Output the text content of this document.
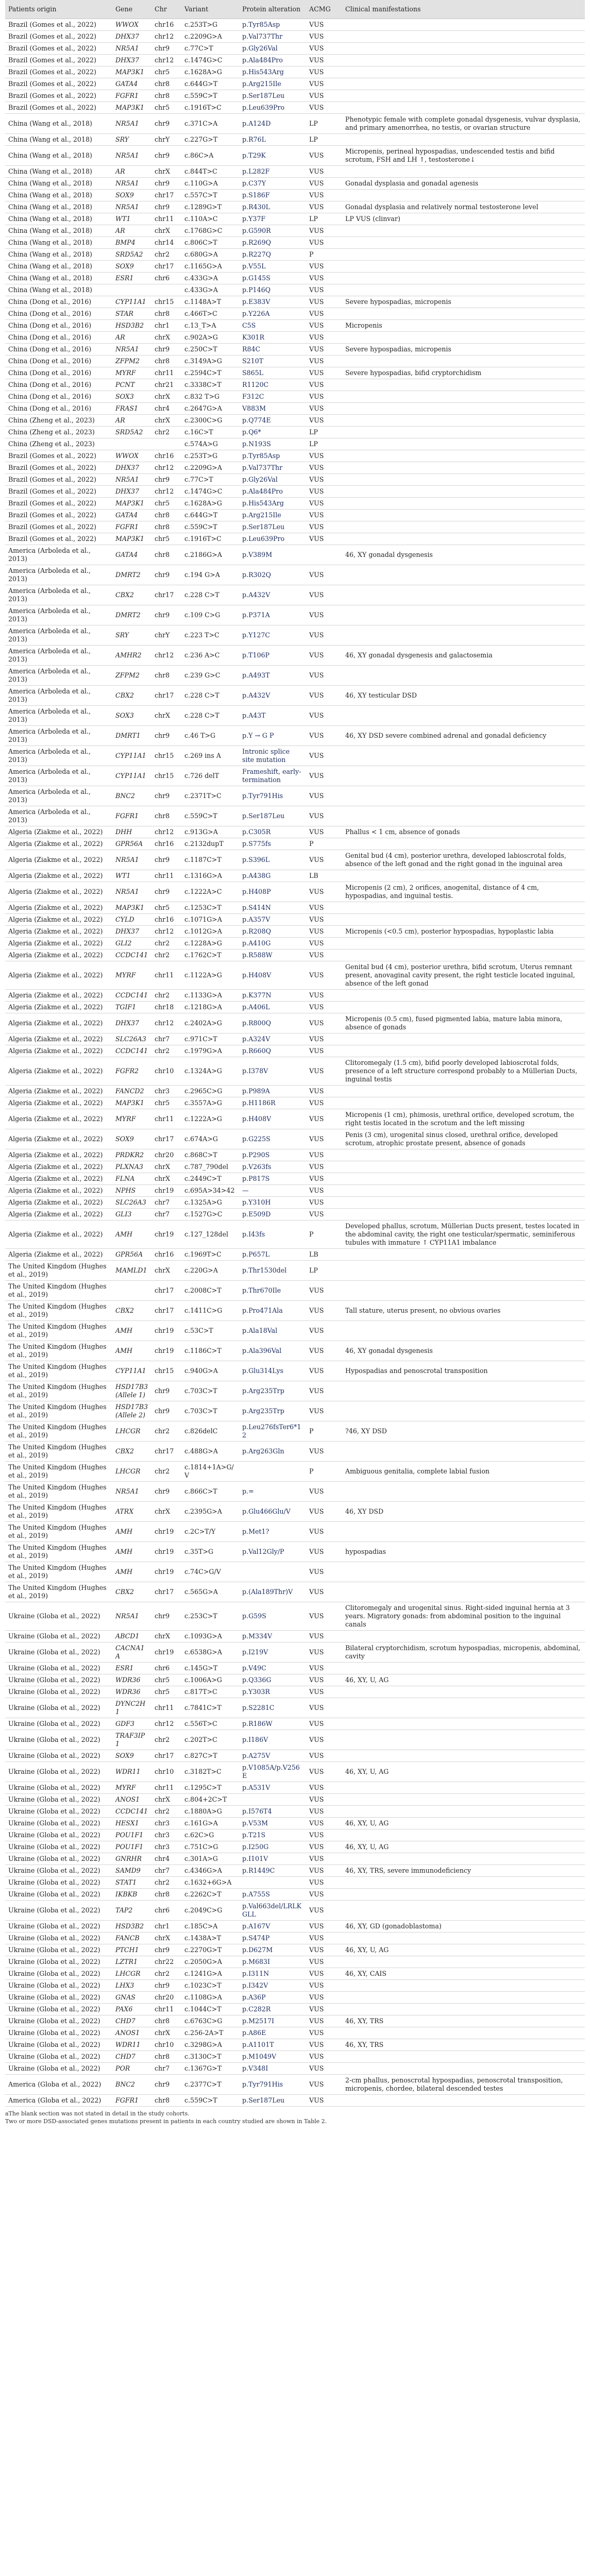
Patients origin	Gene	Chr	Variant	Protein alteration	ACMG	Clinical manifestations
Brazil (Gomes et al., 2022)	WWOX	chr16	c.253T>G	p.Tyr85Asp	VUS	
Brazil (Gomes et al., 2022)	DHX37	chr12	c.2209G>A	p.Val737Thr	VUS	
Brazil (Gomes et al., 2022)	NR5A1	chr9	c.77C>T	p.Gly26Val	VUS	
Brazil (Gomes et al., 2022)	DHX37	chr12	c.1474G>C	p.Ala484Pro	VUS	
Brazil (Gomes et al., 2022)	MAP3K1	chr5	c.1628A>G	p.His543Arg	VUS	
Brazil (Gomes et al., 2022)	GATA4	chr8	c.644G>T	p.Arg215Ile	VUS	
Brazil (Gomes et al., 2022)	FGFR1	chr8	c.559C>T	p.Ser187Leu	VUS	
Brazil (Gomes et al., 2022)	MAP3K1	chr5	c.1916T>C	p.Leu639Pro	VUS	
China (Wang et al., 2018)	NR5A1	chr9	c.371C>A	p.A124D	LP	Phenotypic female with complete gonadal dysgenesis, vulvar dysplasia, and primary amenorrhea, no testis, or ovarian structure
China (Wang et al., 2018)	SRY	chrY	c.227G>T	p.R76L	LP	
China (Wang et al., 2018)	NR5A1	chr9	c.86C>A	p.T29K	VUS	Micropenis, perineal hypospadias, undescended testis and bifid scrotum, FSH and LH ↑, testosterone↓
China (Wang et al., 2018)	AR	chrX	c.844T>C	p.L282F	VUS	
China (Wang et al., 2018)	NR5A1	chr9	c.110G>A	p.C37Y	VUS	Gonadal dysplasia and gonadal agenesis
China (Wang et al., 2018)	SOX9	chr17	c.557C>T	p.S186F	VUS	
China (Wang et al., 2018)	NR5A1	chr9	c.1289G>T	p.R430L	VUS	Gonadal dysplasia and relatively normal testosterone level
China (Wang et al., 2018)	WT1	chr11	c.110A>C	p.Y37F	LP	LP VUS (clinvar)
China (Wang et al., 2018)	AR	chrX	c.1768G>C	p.G590R	VUS	
China (Wang et al., 2018)	BMP4	chr14	c.806C>T	p.R269Q	VUS	
China (Wang et al., 2018)	SRD5A2	chr2	c.680G>A	p.R227Q	P	
China (Wang et al., 2018)	SOX9	chr17	c.1165G>A	p.V55L	VUS	
China (Wang et al., 2018)	ESR1	chr6	c.433G>A	p.G145S	VUS	
China (Wang et al., 2018)			c.433G>A	p.P146Q	VUS	
China (Dong et al., 2016)	CYP11A1	chr15	c.1148A>T	p.E383V	VUS	Severe hypospadias, micropenis
China (Dong et al., 2016)	STAR	chr8	c.466T>C	p.Y226A	VUS	
China (Dong et al., 2016)	HSD3B2	chr1	c.13_T>A	C5S	VUS	Micropenis
China (Dong et al., 2016)	AR	chrX	c.902A>G	K301R	VUS	
China (Dong et al., 2016)	NR5A1	chr9	c.250C>T	R84C	VUS	Severe hypospadias, micropenis
China (Dong et al., 2016)	ZFPM2	chr8	c.3149A>G	S210T	VUS	
China (Dong et al., 2016)	MYRF	chr11	c.2594C>T	S865L	VUS	Severe hypospadias, bifid cryptorchidism
China (Dong et al., 2016)	PCNT	chr21	c.3338C>T	R1120C	VUS	
China (Dong et al., 2016)	SOX3	chrX	c.832 T>G	F312C	VUS	
China (Dong et al., 2016)	FRAS1	chr4	c.2647G>A	V883M	VUS	
China (Zheng et al., 2023)	AR	chrX	c.2300C>G	p.Q774E	VUS	
China (Zheng et al., 2023)	SRD5A2	chr2	c.16C>T	p.Q6*	LP	
China (Zheng et al., 2023)			c.574A>G	p.N193S	LP	
Brazil (Gomes et al., 2022)	WWOX	chr16	c.253T>G	p.Tyr85Asp	VUS	
Brazil (Gomes et al., 2022)	DHX37	chr12	c.2209G>A	p.Val737Thr	VUS	
Brazil (Gomes et al., 2022)	NR5A1	chr9	c.77C>T	p.Gly26Val	VUS	
Brazil (Gomes et al., 2022)	DHX37	chr12	c.1474G>C	p.Ala484Pro	VUS	
Brazil (Gomes et al., 2022)	MAP3K1	chr5	c.1628A>G	p.His543Arg	VUS	
Brazil (Gomes et al., 2022)	GATA4	chr8	c.644G>T	p.Arg215Ile	VUS	
Brazil (Gomes et al., 2022)	FGFR1	chr8	c.559C>T	p.Ser187Leu	VUS	
Brazil (Gomes et al., 2022)	MAP3K1	chr5	c.1916T>C	p.Leu639Pro	VUS	
America (Arboleda et al., 2013)	GATA4	chr8	c.2186G>A	p.V389M		46, XY gonadal dysgenesis
America (Arboleda et al., 2013)	DMRT2	chr9	c.194 G>A	p.R302Q	VUS	
America (Arboleda et al., 2013)	CBX2	chr17	c.228 C>T	p.A432V	VUS	
America (Arboleda et al., 2013)	DMRT2	chr9	c.109 C>G	p.P371A	VUS	
America (Arboleda et al., 2013)	SRY	chrY	c.223 T>C	p.Y127C	VUS	
America (Arboleda et al., 2013)	AMHR2	chr12	c.236 A>C	p.T106P	VUS	46, XY gonadal dysgenesis and galactosemia
America (Arboleda et al., 2013)	ZFPM2	chr8	c.239 G>C	p.A493T	VUS	
America (Arboleda et al., 2013)	CBX2	chr17	c.228 C>T	p.A432V	VUS	46, XY testicular DSD
America (Arboleda et al., 2013)	SOX3	chrX	c.228 C>T	p.A43T	VUS	
America (Arboleda et al., 2013)	DMRT1	chr9	c.46 T>G	p.Y → G P	VUS	46, XY DSD severe combined adrenal and gonadal deficiency
America (Arboleda et al., 2013)	CYP11A1	chr15	c.269 ins A	Intronic splice site mutation	VUS	
America (Arboleda et al., 2013)	CYP11A1	chr15	c.726 delT	Frameshift, early-termination	VUS	
America (Arboleda et al., 2013)	BNC2	chr9	c.2371T>C	p.Tyr791His	VUS	
America (Arboleda et al., 2013)	FGFR1	chr8	c.559C>T	p.Ser187Leu	VUS	
Algeria (Ziakme et al., 2022)	DHH	chr12	c.913G>A	p.C305R	VUS	Phallus < 1 cm, absence of gonads
Algeria (Ziakme et al., 2022)	GPR56A	chr16	c.2132dupT	p.S775fs	P	
Algeria (Ziakme et al., 2022)	NR5A1	chr9	c.1187C>T	p.S396L	VUS	Genital bud (4 cm), posterior urethra, developed labioscrotal folds, absence of the left gonad and the right gonad in the inguinal area
Algeria (Ziakme et al., 2022)	WT1	chr11	c.1316G>A	p.A438G	LB	
Algeria (Ziakme et al., 2022)	NR5A1	chr9	c.1222A>C	p.H408P	VUS	Micropenis (2 cm), 2 orifices, anogenital, distance of 4 cm, hypospadias, and inguinal testis.
Algeria (Ziakme et al., 2022)	MAP3K1	chr5	c.1253C>T	p.S414N	VUS	
Algeria (Ziakme et al., 2022)	CYLD	chr16	c.1071G>A	p.A357V	VUS	
Algeria (Ziakme et al., 2022)	DHX37	chr12	c.1012G>A	p.R208Q	VUS	Micropenis (<0.5 cm), posterior hypospadias, hypoplastic labia
Algeria (Ziakme et al., 2022)	GLI2	chr2	c.1228A>G	p.A410G	VUS	
Algeria (Ziakme et al., 2022)	CCDC141	chr2	c.1762C>T	p.R588W	VUS	
Algeria (Ziakme et al., 2022)	MYRF	chr11	c.1122A>G	p.H408V	VUS	Genital bud (4 cm), posterior urethra, bifid scrotum, Uterus remnant present, anovaginal cavity present, the right testicle located inguinal, absence of the left gonad
Algeria (Ziakme et al., 2022)	CCDC141	chr2	c.1133G>A	p.K377N	VUS	
Algeria (Ziakme et al., 2022)	TGIF1	chr18	c.1218G>A	p.A406L	VUS	
Algeria (Ziakme et al., 2022)	DHX37	chr12	c.2402A>G	p.R800Q	VUS	Micropenis (0.5 cm), fused pigmented labia, mature labia minora, absence of gonads
Algeria (Ziakme et al., 2022)	SLC26A3	chr7	c.971C>T	p.A324V	VUS	
Algeria (Ziakme et al., 2022)	CCDC141	chr2	c.1979G>A	p.R660Q	VUS	
Algeria (Ziakme et al., 2022)	FGFR2	chr10	c.1324A>G	p.I378V	VUS	Clitoromegaly (1.5 cm), bifid poorly developed labioscrotal folds, presence of a left structure correspond probably to a Müllerian Ducts, inguinal testis
Algeria (Ziakme et al., 2022)	FANCD2	chr3	c.2965C>G	p.P989A	VUS	
Algeria (Ziakme et al., 2022)	MAP3K1	chr5	c.3557A>G	p.H1186R	VUS	
Algeria (Ziakme et al., 2022)	MYRF	chr11	c.1222A>G	p.H408V	VUS	Micropenis (1 cm), phimosis, urethral orifice, developed scrotum, the right testis located in the scrotum and the left missing
Algeria (Ziakme et al., 2022)	SOX9	chr17	c.674A>G	p.G225S	VUS	Penis (3 cm), urogenital sinus closed, urethral orifice, developed scrotum, atrophic prostate present, absence of gonads
Algeria (Ziakme et al., 2022)	PRDKR2	chr20	c.868C>T	p.P290S	VUS	
Algeria (Ziakme et al., 2022)	PLXNA3	chrX	c.787_790del	p.V263fs	VUS	
Algeria (Ziakme et al., 2022)	FLNA	chrX	c.2449C>T	p.P817S	VUS	
Algeria (Ziakme et al., 2022)	NPHS	chr19	c.695A>34>42	—	VUS	
Algeria (Ziakme et al., 2022)	SLC26A3	chr7	c.1325A>G	p.Y310H	VUS	
Algeria (Ziakme et al., 2022)	GLI3	chr7	c.1527G>C	p.E509D	VUS	
Algeria (Ziakme et al., 2022)	AMH	chr19	c.127_128del	p.I43fs	P	Developed phallus, scrotum, Müllerian Ducts present, testes located in the abdominal cavity, the right one testicular/spermatic, seminiferous tubules with immature ↑ CYP11A1 imbalance
Algeria (Ziakme et al., 2022)	GPR56A	chr16	c.1969T>C	p.P657L	LB	
The United Kingdom (Hughes et al., 2019)	MAMLD1	chrX	c.220G>A	p.Thr1530del	LP	
The United Kingdom (Hughes et al., 2019)		chr17	c.2008C>T	p.Thr670Ile	VUS	
The United Kingdom (Hughes et al., 2019)	CBX2	chr17	c.1411C>G	p.Pro471Ala	VUS	Tall stature, uterus present, no obvious ovaries
The United Kingdom (Hughes et al., 2019)	AMH	chr19	c.53C>T	p.Ala18Val	VUS	
The United Kingdom (Hughes et al., 2019)	AMH	chr19	c.1186C>T	p.Ala396Val	VUS	46, XY gonadal dysgenesis
The United Kingdom (Hughes et al., 2019)	CYP11A1	chr15	c.940G>A	p.Glu314Lys	VUS	Hypospadias and penoscrotal transposition
The United Kingdom (Hughes et al., 2019)	HSD17B3 (Allele 1)	chr9	c.703C>T	p.Arg235Trp	VUS	
The United Kingdom (Hughes et al., 2019)	HSD17B3 (Allele 2)	chr9	c.703C>T	p.Arg235Trp	VUS	
The United Kingdom (Hughes et al., 2019)	LHCGR	chr2	c.826delC	p.Leu276fsTer6*12	P	?46, XY DSD
The United Kingdom (Hughes et al., 2019)	CBX2	chr17	c.488G>A	p.Arg263Gln	VUS	
The United Kingdom (Hughes et al., 2019)	LHCGR	chr2	c.1814+1A>G/V		P	Ambiguous genitalia, complete labial fusion
The United Kingdom (Hughes et al., 2019)	NR5A1	chr9	c.866C>T	p.=	VUS	
The United Kingdom (Hughes et al., 2019)	ATRX	chrX	c.2395G>A	p.Glu466Glu/V	VUS	46, XY DSD
The United Kingdom (Hughes et al., 2019)	AMH	chr19	c.2C>T/Y	p.Met1?	VUS	
The United Kingdom (Hughes et al., 2019)	AMH	chr19	c.35T>G	p.Val12Gly/P	VUS	hypospadias
The United Kingdom (Hughes et al., 2019)	AMH	chr19	c.74C>G/V		VUS	
The United Kingdom (Hughes et al., 2019)	CBX2	chr17	c.565G>A	p.(Ala189Thr)V	VUS	
Ukraine (Globa et al., 2022)	NR5A1	chr9	c.253C>T	p.G59S	VUS	Clitoromegaly and urogenital sinus. Right-sided inguinal hernia at 3 years. Migratory gonads: from abdominal position to the inguinal canals
Ukraine (Globa et al., 2022)	ABCD1	chrX	c.1093G>A	p.M334V	VUS	
Ukraine (Globa et al., 2022)	CACNA1A	chr19	c.6538G>A	p.I219V	VUS	Bilateral cryptorchidism, scrotum hypospadias, micropenis, abdominal, cavity
Ukraine (Globa et al., 2022)	ESR1	chr6	c.145G>T	p.V49C	VUS	
Ukraine (Globa et al., 2022)	WDR36	chr5	c.1006A>G	p.Q336G	VUS	46, XY, U, AG
Ukraine (Globa et al., 2022)	WDR36	chr5	c.817T>C	p.Y303R	VUS	
Ukraine (Globa et al., 2022)	DYNC2H1	chr11	c.7841C>T	p.S2281C	VUS	
Ukraine (Globa et al., 2022)	GDF3	chr12	c.556T>C	p.R186W	VUS	
Ukraine (Globa et al., 2022)	TRAF3IP1	chr2	c.202T>C	p.I186V	VUS	
Ukraine (Globa et al., 2022)	SOX9	chr17	c.827C>T	p.A275V	VUS	
Ukraine (Globa et al., 2022)	WDR11	chr10	c.3182T>C	p.V1085A/p.V256E	VUS	46, XY, U, AG
Ukraine (Globa et al., 2022)	MYRF	chr11	c.1295C>T	p.A531V	VUS	
Ukraine (Globa et al., 2022)	ANOS1	chrX	c.804+2C>T		VUS	
Ukraine (Globa et al., 2022)	CCDC141	chr2	c.1880A>G	p.I576T4	VUS	
Ukraine (Globa et al., 2022)	HESX1	chr3	c.161G>A	p.V53M	VUS	46, XY, U, AG
Ukraine (Globa et al., 2022)	POU1F1	chr3	c.62C>G	p.T21S	VUS	
Ukraine (Globa et al., 2022)	POU1F1	chr3	c.751C>G	p.I250G	VUS	46, XY, U, AG
Ukraine (Globa et al., 2022)	GNRHR	chr4	c.301A>G	p.I101V	VUS	
Ukraine (Globa et al., 2022)	SAMD9	chr7	c.4346G>A	p.R1449C	VUS	46, XY, TRS, severe immunodeficiency
Ukraine (Globa et al., 2022)	STAT1	chr2	c.1632+6G>A		VUS	
Ukraine (Globa et al., 2022)	IKBKB	chr8	c.2262C>T	p.A755S	VUS	
Ukraine (Globa et al., 2022)	TAP2	chr6	c.2049C>G	p.Val663del/LRLKGLL	VUS	
Ukraine (Globa et al., 2022)	HSD3B2	chr1	c.185C>A	p.A167V	VUS	46, XY, GD (gonadoblastoma)
Ukraine (Globa et al., 2022)	FANCB	chrX	c.1438A>T	p.S474P	VUS	
Ukraine (Globa et al., 2022)	PTCH1	chr9	c.2270G>T	p.D627M	VUS	46, XY, U, AG
Ukraine (Globa et al., 2022)	LZTR1	chr22	c.2050G>A	p.M683I	VUS	
Ukraine (Globa et al., 2022)	LHCGR	chr2	c.1241G>A	p.I311N	VUS	46, XY, CAIS
Ukraine (Globa et al., 2022)	LHX3	chr9	c.1023C>T	p.I342V	VUS	
Ukraine (Globa et al., 2022)	GNAS	chr20	c.1108G>A	p.A36P	VUS	
Ukraine (Globa et al., 2022)	PAX6	chr11	c.1044C>T	p.C282R	VUS	
Ukraine (Globa et al., 2022)	CHD7	chr8	c.6763C>G	p.M2517I	VUS	46, XY, TRS
Ukraine (Globa et al., 2022)	ANOS1	chrX	c.256-2A>T	p.A86E	VUS	
Ukraine (Globa et al., 2022)	WDR11	chr10	c.3298G>A	p.A1101T	VUS	46, XY, TRS
Ukraine (Globa et al., 2022)	CHD7	chr8	c.3130C>T	p.M1049V	VUS	
Ukraine (Globa et al., 2022)	POR	chr7	c.1367G>T	p.V348I	VUS	
America (Globa et al., 2022)	BNC2	chr9	c.2377C>T	p.Tyr791His	VUS	2-cm phallus, penoscrotal hypospadias, penoscrotal transposition, micropenis, chordee, bilateral descended testes
America (Globa et al., 2022)	FGFR1	chr8	c.559C>T	p.Ser187Leu	VUS	
aThe blank section was not stated in detail in the study cohorts.
Two or more DSD-associated genes mutations present in patients in each country studied are shown in Table 2.
